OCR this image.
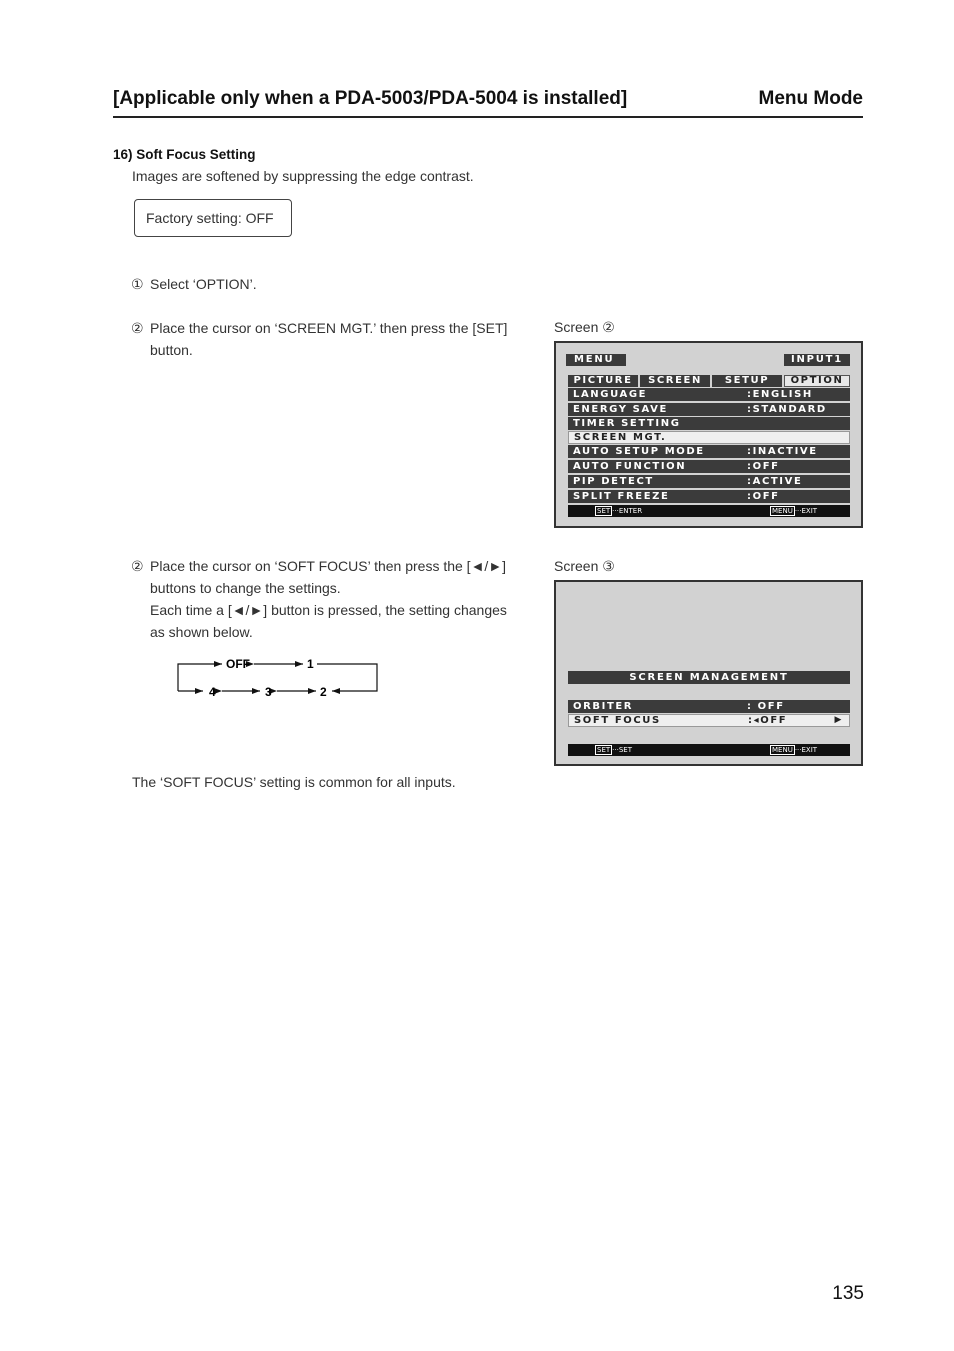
[Applicable only when a PDA-5003/PDA-5004 is installed]	Menu Mode
16) Soft Focus Setting
Images are softened by suppressing the edge contrast.
Factory setting: OFF
① Select ‘OPTION’.
② Place the cursor on ‘SCREEN MGT.’ then press the [SET]
button.
② Place the cursor on ‘SOFT FOCUS’ then press the [◄/►]
buttons to change the settings.
Each time a [◄/►] button is pressed, the setting changes
as shown below.
OFF	1
2
3
4
The ‘SOFT FOCUS’ setting is common for all inputs.
Screen ②
MENU	INPUT1
PICTURE	SCREEN	SETUP	OPTION
LANGUAGE	:ENGLISH
ENERGY SAVE	:STANDARD
TIMER SETTING
SCREEN MGT.
AUTO SETUP MODE	:INACTIVE
AUTO FUNCTION	:OFF
PIP DETECT	:ACTIVE
SPLIT FREEZE	:OFF
SET ···ENTER	MENU ···EXIT
Screen ③
SCREEN MANAGEMENT
ORBITER	: OFF
SOFT FOCUS	:◂OFF	▶
SET ···SET	MENU ···EXIT
135
